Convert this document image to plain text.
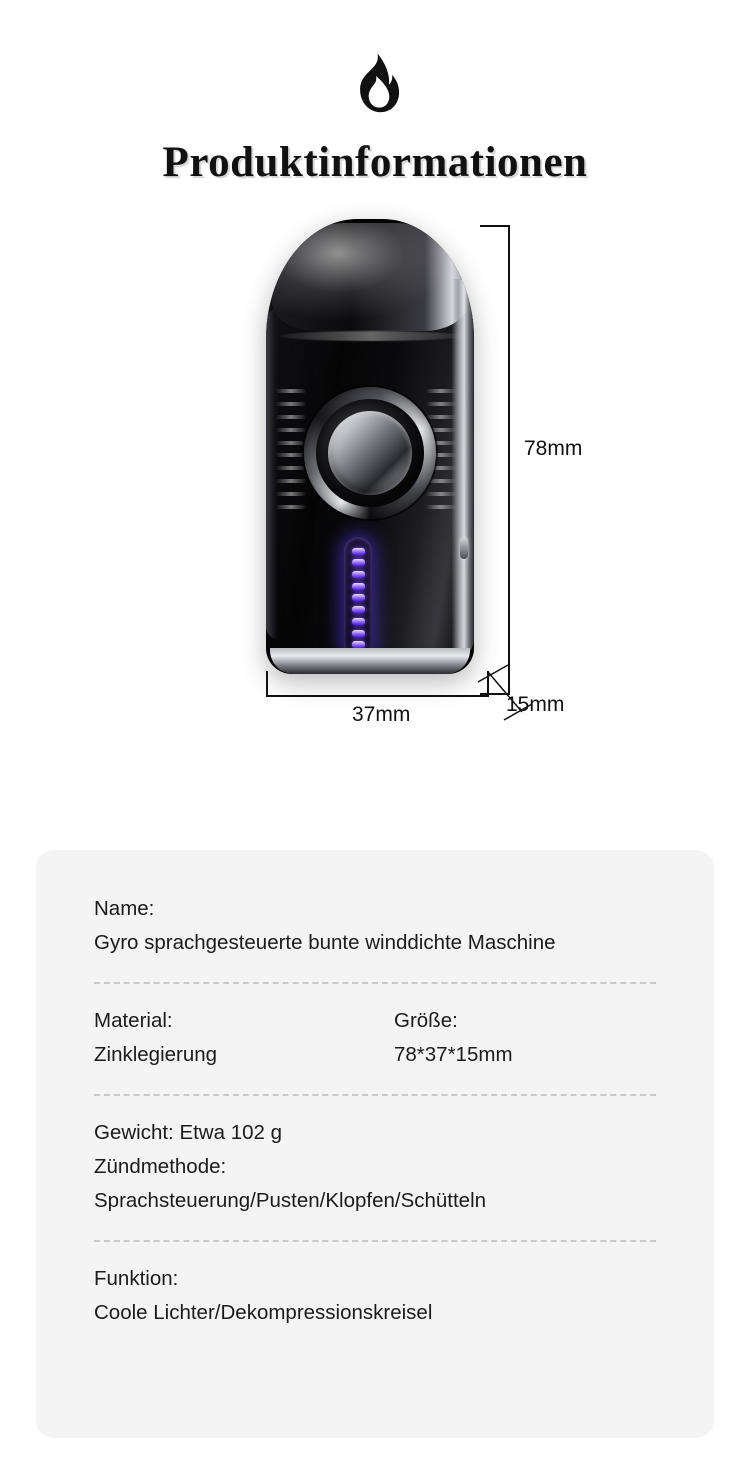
Produktinformationen
78mm
37mm	15mm
Name:
Gyro sprachgesteuerte bunte winddichte Maschine
Material:
Zinklegierung
Größe:
78*37*15mm
Gewicht: Etwa 102 g
Zündmethode:
Sprachsteuerung/Pusten/Klopfen/Schütteln
Funktion:
Coole Lichter/Dekompressionskreisel
